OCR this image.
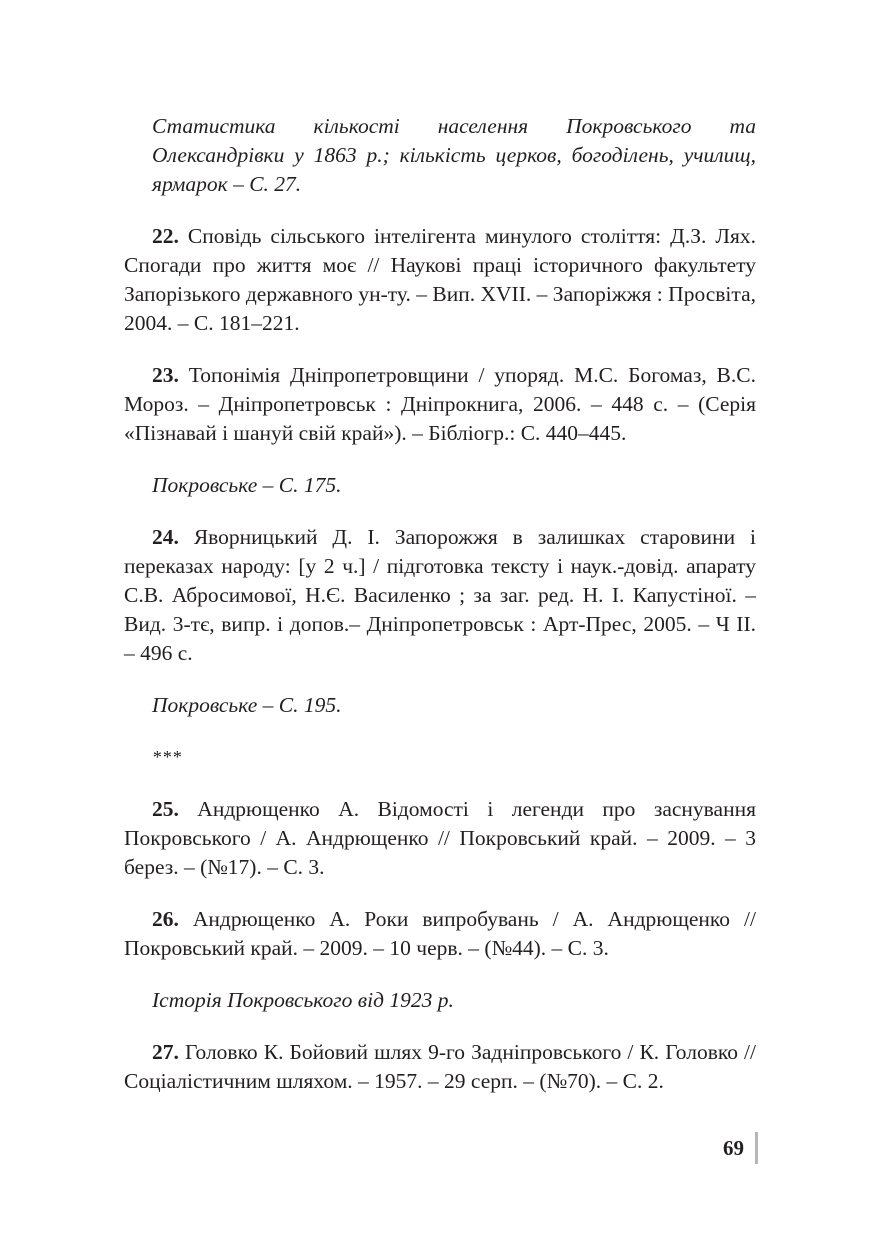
Статистика кількості населення Покровського та Олександрівки у 1863 р.; кількість церков, богоділень, училищ, ярмарок – С. 27.

22. Сповідь сільського інтелігента минулого століття: Д.З. Лях. Спогади про життя моє // Наукові праці історичного факультету Запорізького державного ун-ту. – Вип. XVII. – Запоріжжя : Просвіта, 2004. – С. 181–221.

23. Топонімія Дніпропетровщини / упоряд. М.С. Богомаз, В.С. Мороз. – Дніпропетровськ : Дніпрокнига, 2006. – 448 с. – (Серія «Пізнавай і шануй свій край»). – Бібліогр.: С. 440–445.

Покровське – С. 175.

24. Яворницький Д. І. Запорожжя в залишках старовини і переказах народу: [у 2 ч.] / підготовка тексту і наук.-довід. апарату С.В. Абросимової, Н.Є. Василенко ; за заг. ред. Н. І. Капустіної. – Вид. 3-тє, випр. і допов.– Дніпропетровськ : Арт-Прес, 2005. – Ч ІІ. – 496 с.

Покровське – С. 195.

***

25. Андрющенко А. Відомості і легенди про заснування Покровського / А. Андрющенко // Покровський край. – 2009. – 3 берез. – (№17). – С. 3.

26. Андрющенко А. Роки випробувань / А. Андрющенко // Покровський край. – 2009. – 10 черв. – (№44). – С. 3.

Історія Покровського від 1923 р.

27. Головко К. Бойовий шлях 9-го Задніпровського / К. Головко // Соціалістичним шляхом. – 1957. – 29 серп. – (№70). – С. 2.

69
